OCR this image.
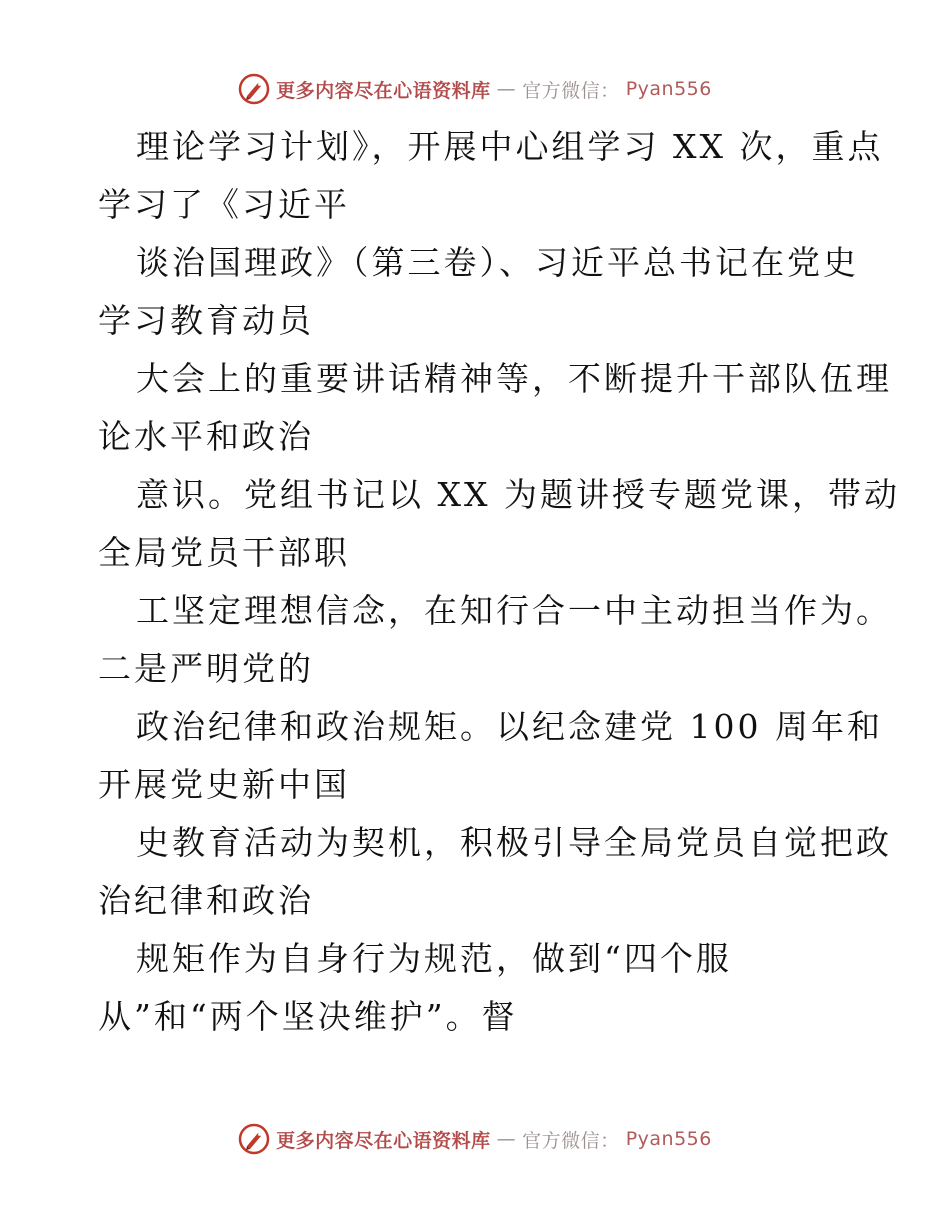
更多内容尽在心语资料库 — 官方微信： Pyan556
理论学习计划》，开展中心组学习 XX 次，重点
学习了《习近平
谈治国理政》（第三卷）、习近平总书记在党史
学习教育动员
大会上的重要讲话精神等，不断提升干部队伍理
论水平和政治
意识。党组书记以 XX 为题讲授专题党课，带动
全局党员干部职
工坚定理想信念，在知行合一中主动担当作为。
二是严明党的
政治纪律和政治规矩。以纪念建党 100 周年和
开展党史新中国
史教育活动为契机，积极引导全局党员自觉把政
治纪律和政治
规矩作为自身行为规范，做到“四个服
从”和“两个坚决维护”。督
更多内容尽在心语资料库 — 官方微信： Pyan556
